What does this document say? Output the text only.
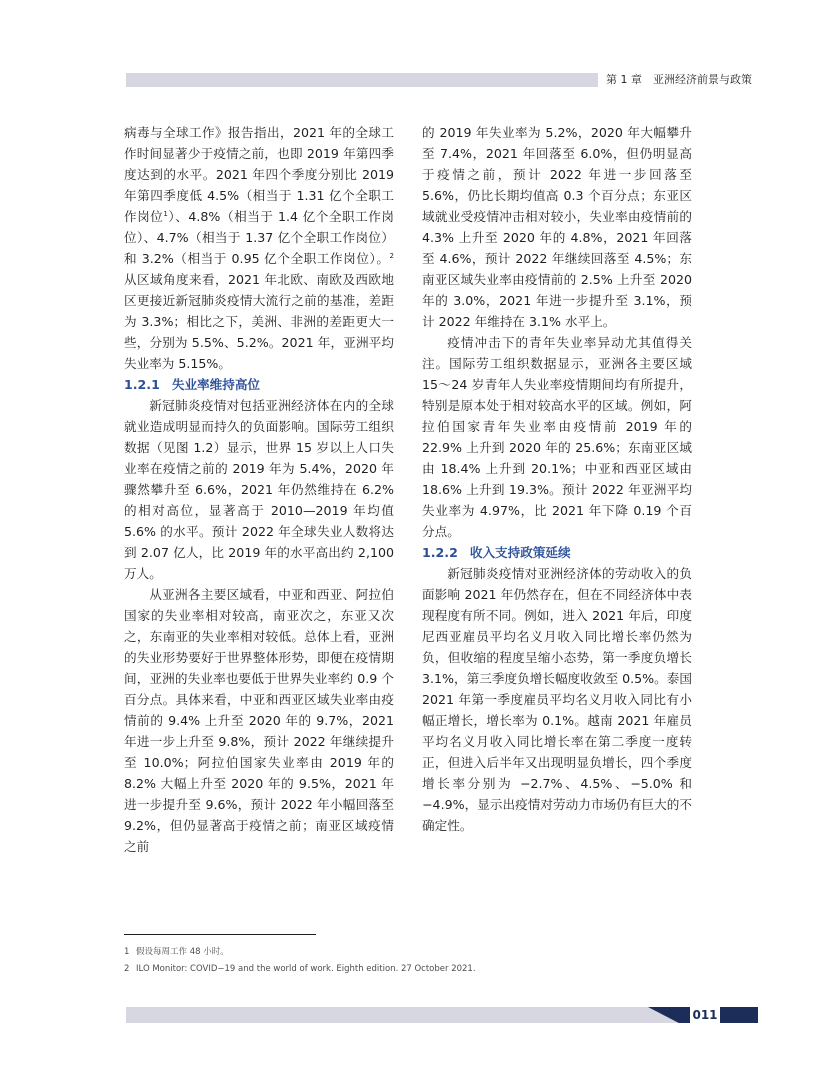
第 1 章　亚洲经济前景与政策

病毒与全球工作》报告指出，2021 年的全球工作时间显著少于疫情之前，也即 2019 年第四季度达到的水平。2021 年四个季度分别比 2019 年第四季度低 4.5%（相当于 1.31 亿个全职工作岗位$^1$）、4.8%（相当于 1.4 亿个全职工作岗位）、4.7%（相当于 1.37 亿个全职工作岗位）和 3.2%（相当于 0.95 亿个全职工作岗位）。$^2$从区域角度来看，2021 年北欧、南欧及西欧地区更接近新冠肺炎疫情大流行之前的基准，差距为 3.3%；相比之下，美洲、非洲的差距更大一些，分别为 5.5%、5.2%。2021 年，亚洲平均失业率为 5.15%。

1.2.1 失业率维持高位

新冠肺炎疫情对包括亚洲经济体在内的全球就业造成明显而持久的负面影响。国际劳工组织数据（见图 1.2）显示，世界 15 岁以上人口失业率在疫情之前的 2019 年为 5.4%，2020 年骤然攀升至 6.6%，2021 年仍然维持在 6.2% 的相对高位，显著高于 2010—2019 年均值 5.6% 的水平。预计 2022 年全球失业人数将达到 2.07 亿人，比 2019 年的水平高出约 2,100 万人。

从亚洲各主要区域看，中亚和西亚、阿拉伯国家的失业率相对较高，南亚次之，东亚又次之，东南亚的失业率相对较低。总体上看，亚洲的失业形势要好于世界整体形势，即便在疫情期间，亚洲的失业率也要低于世界失业率约 0.9 个百分点。具体来看，中亚和西亚区域失业率由疫情前的 9.4% 上升至 2020 年的 9.7%，2021 年进一步上升至 9.8%，预计 2022 年继续提升至 10.0%；阿拉伯国家失业率由 2019 年的 8.2% 大幅上升至 2020 年的 9.5%，2021 年进一步提升至 9.6%，预计 2022 年小幅回落至 9.2%，但仍显著高于疫情之前；南亚区域疫情之前

的 2019 年失业率为 5.2%，2020 年大幅攀升至 7.4%，2021 年回落至 6.0%，但仍明显高于疫情之前，预计 2022 年进一步回落至 5.6%，仍比长期均值高 0.3 个百分点；东亚区域就业受疫情冲击相对较小，失业率由疫情前的 4.3% 上升至 2020 年的 4.8%，2021 年回落至 4.6%，预计 2022 年继续回落至 4.5%；东南亚区域失业率由疫情前的 2.5% 上升至 2020 年的 3.0%，2021 年进一步提升至 3.1%，预计 2022 年维持在 3.1% 水平上。

疫情冲击下的青年失业率异动尤其值得关注。国际劳工组织数据显示，亚洲各主要区域 15～24 岁青年人失业率疫情期间均有所提升，特别是原本处于相对较高水平的区域。例如，阿拉伯国家青年失业率由疫情前 2019 年的 22.9% 上升到 2020 年的 25.6%；东南亚区域由 18.4% 上升到 20.1%；中亚和西亚区域由 18.6% 上升到 19.3%。预计 2022 年亚洲平均失业率为 4.97%，比 2021 年下降 0.19 个百分点。

1.2.2 收入支持政策延续

新冠肺炎疫情对亚洲经济体的劳动收入的负面影响 2021 年仍然存在，但在不同经济体中表现程度有所不同。例如，进入 2021 年后，印度尼西亚雇员平均名义月收入同比增长率仍然为负，但收缩的程度呈缩小态势，第一季度负增长 3.1%，第三季度负增长幅度收敛至 0.5%。泰国 2021 年第一季度雇员平均名义月收入同比有小幅正增长，增长率为 0.1%。越南 2021 年雇员平均名义月收入同比增长率在第二季度一度转正，但进入后半年又出现明显负增长，四个季度增长率分别为 −2.7%、4.5%、−5.0% 和 −4.9%，显示出疫情对劳动力市场仍有巨大的不确定性。

1 假设每周工作 48 小时。
2 ILO Monitor: COVID−19 and the world of work. Eighth edition. 27 October 2021.
011
